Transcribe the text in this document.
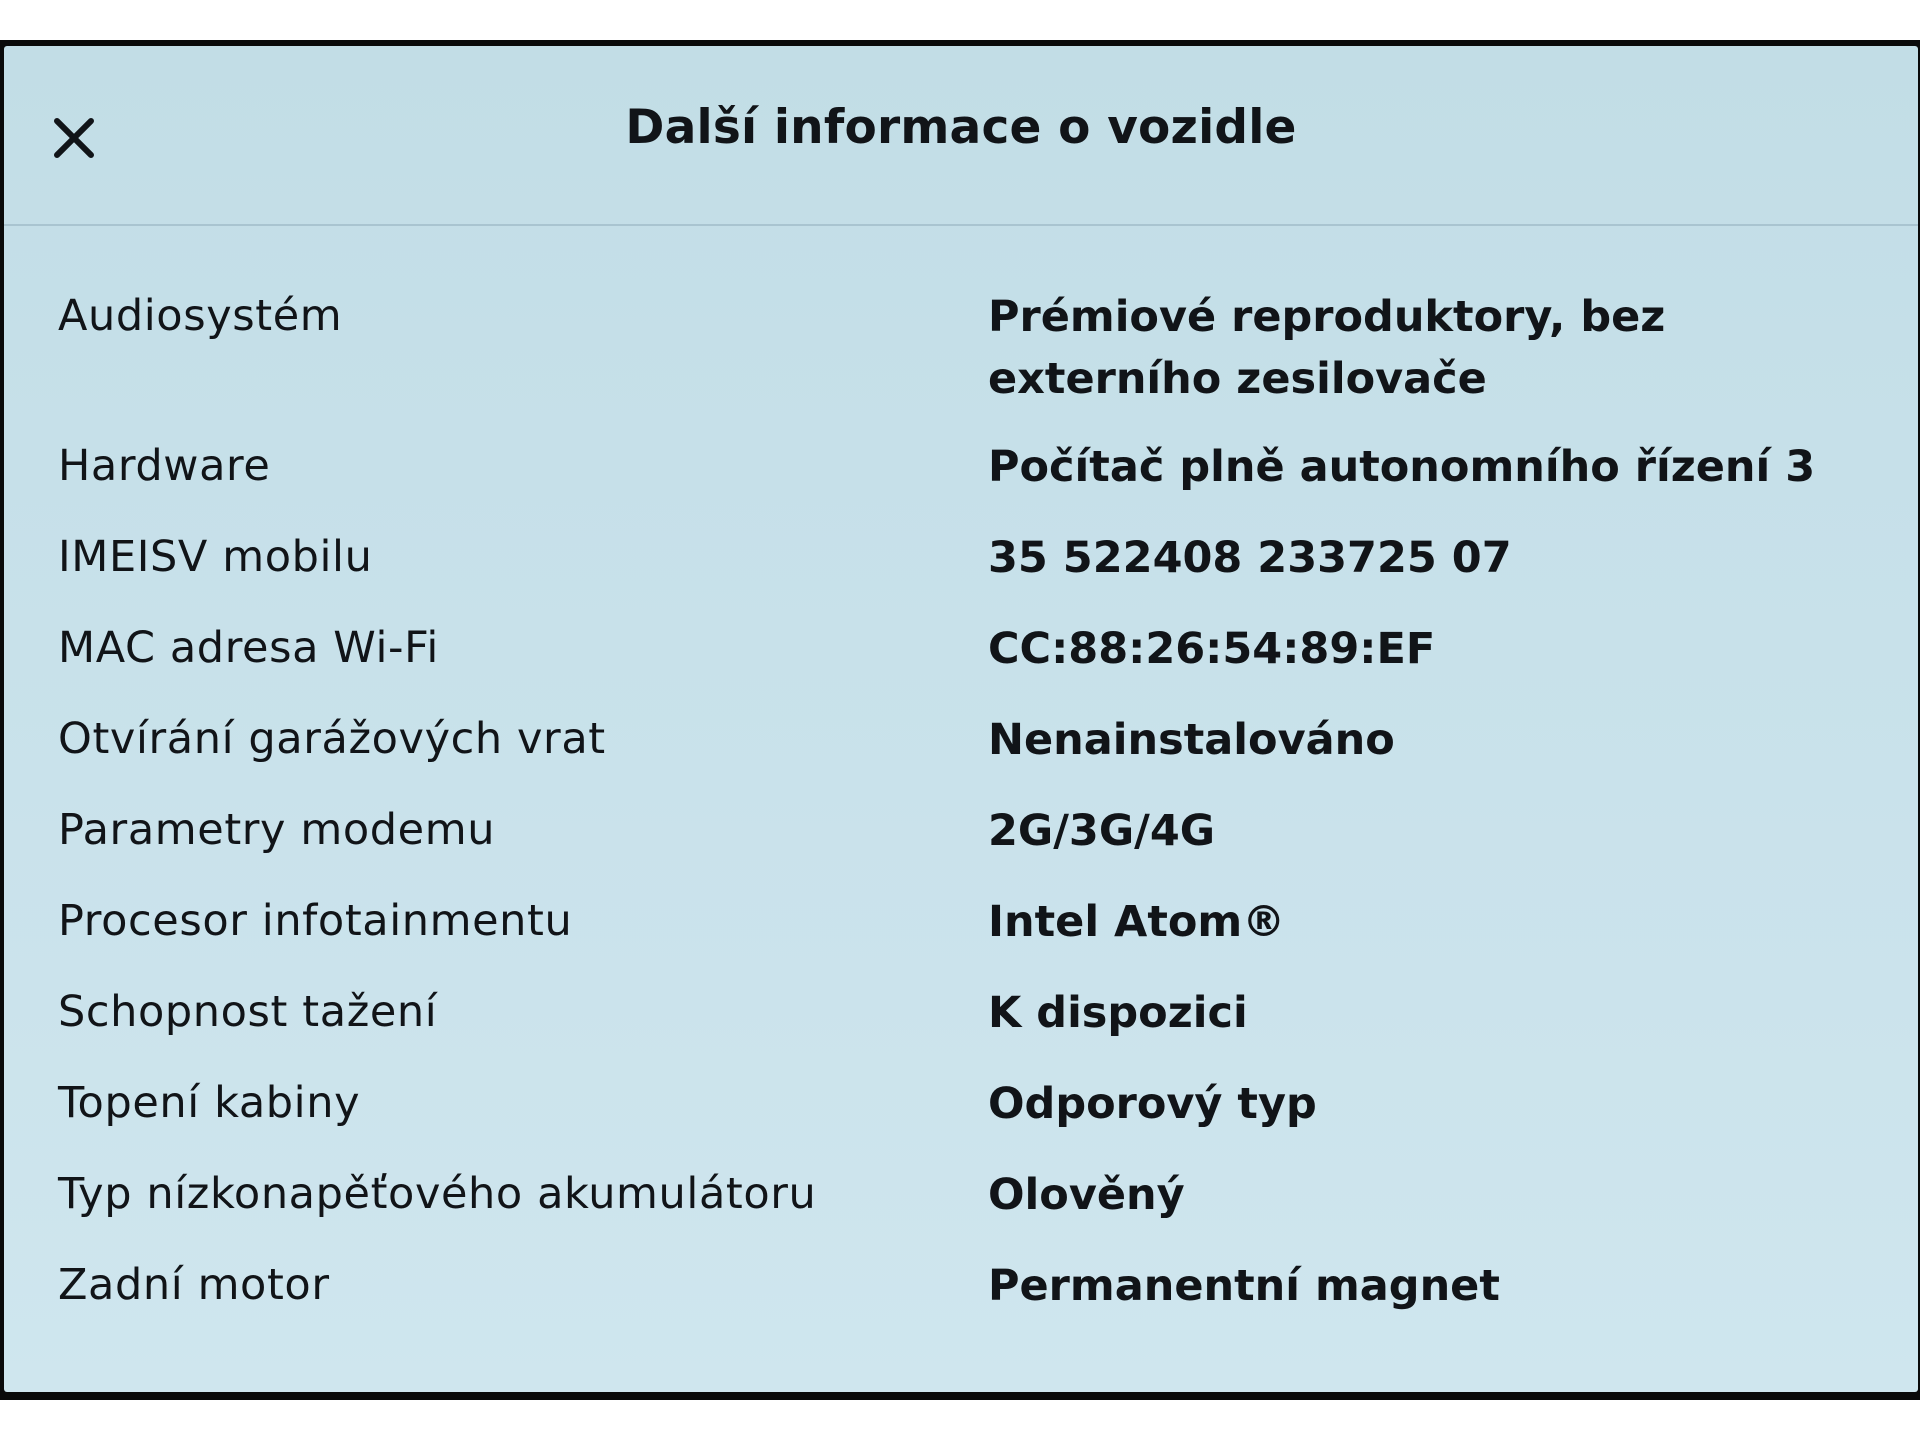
Další informace o vozidle
Audiosystém	Prémiové reproduktory, bez externího zesilovače
Hardware	Počítač plně autonomního řízení 3
IMEISV mobilu	35 522408 233725 07
MAC adresa Wi-Fi	CC:88:26:54:89:EF
Otvírání garážových vrat	Nenainstalováno
Parametry modemu	2G/3G/4G
Procesor infotainmentu	Intel Atom®
Schopnost tažení	K dispozici
Topení kabiny	Odporový typ
Typ nízkonapěťového akumulátoru	Olověný
Zadní motor	Permanentní magnet
